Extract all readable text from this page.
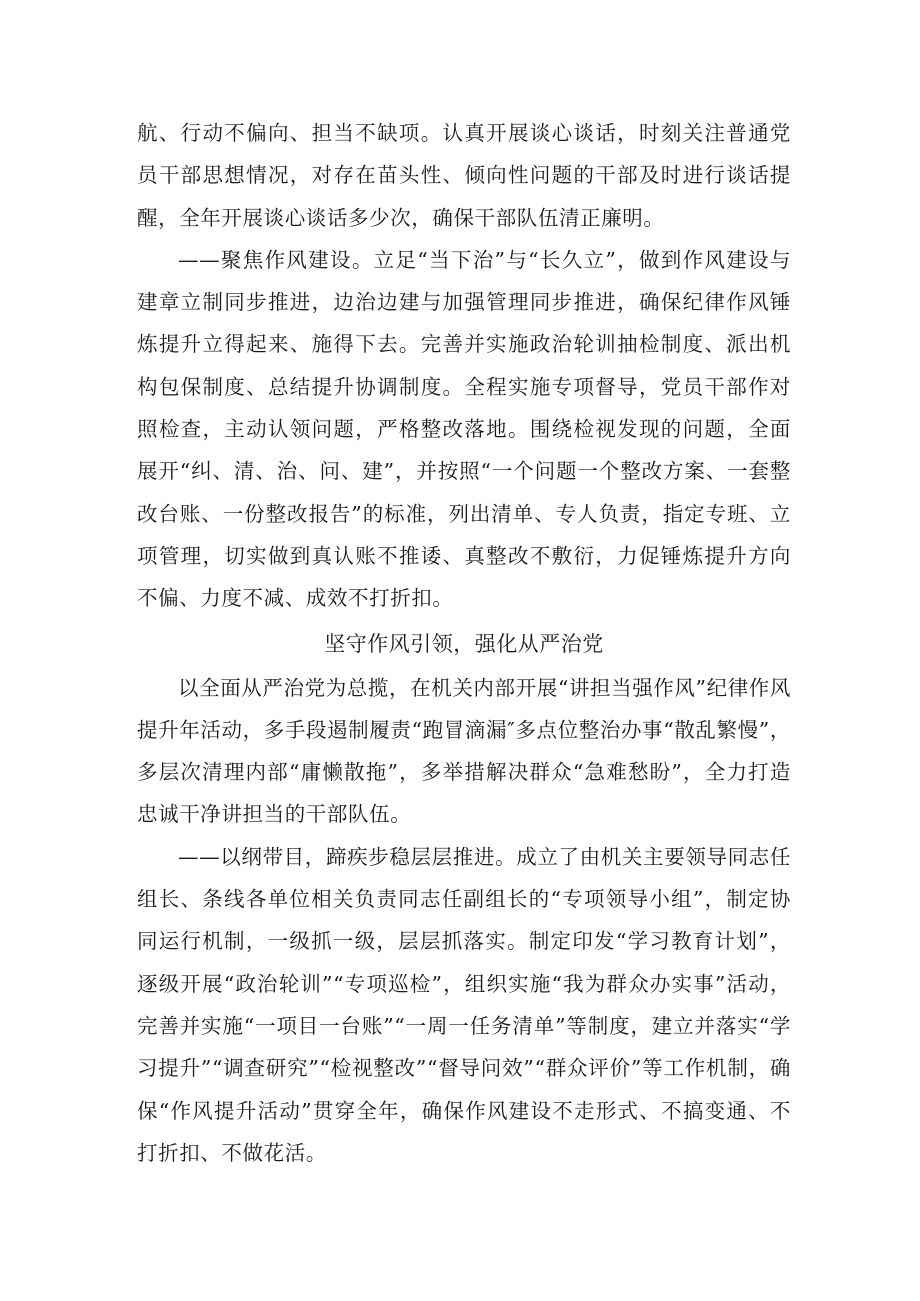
航、行动不偏向、担当不缺项。认真开展谈心谈话，时刻关注普通党员干部思想情况，对存在苗头性、倾向性问题的干部及时进行谈话提醒，全年开展谈心谈话多少次，确保干部队伍清正廉明。

——聚焦作风建设。立足“当下治”与“长久立”，做到作风建设与建章立制同步推进，边治边建与加强管理同步推进，确保纪律作风锤炼提升立得起来、施得下去。完善并实施政治轮训抽检制度、派出机构包保制度、总结提升协调制度。全程实施专项督导，党员干部作对照检查，主动认领问题，严格整改落地。围绕检视发现的问题，全面展开“纠、清、治、问、建”，并按照“一个问题一个整改方案、一套整改台账、一份整改报告”的标准，列出清单、专人负责，指定专班、立项管理，切实做到真认账不推诿、真整改不敷衍，力促锤炼提升方向不偏、力度不减、成效不打折扣。

坚守作风引领，强化从严治党

以全面从严治党为总揽，在机关内部开展“讲担当强作风”纪律作风提升年活动，多手段遏制履责“跑冒滴漏″多点位整治办事“散乱繁慢”，多层次清理内部“庸懒散拖”，多举措解决群众“急难愁盼”，全力打造忠诚干净讲担当的干部队伍。

——以纲带目，蹄疾步稳层层推进。成立了由机关主要领导同志任组长、条线各单位相关负责同志任副组长的“专项领导小组”，制定协同运行机制，一级抓一级，层层抓落实。制定印发“学习教育计划”，逐级开展“政治轮训”“专项巡检”，组织实施“我为群众办实事”活动，完善并实施“一项目一台账”“一周一任务清单”等制度，建立并落实“学习提升”“调查研究”“检视整改”“督导问效”“群众评价”等工作机制，确保“作风提升活动”贯穿全年，确保作风建设不走形式、不搞变通、不打折扣、不做花活。
